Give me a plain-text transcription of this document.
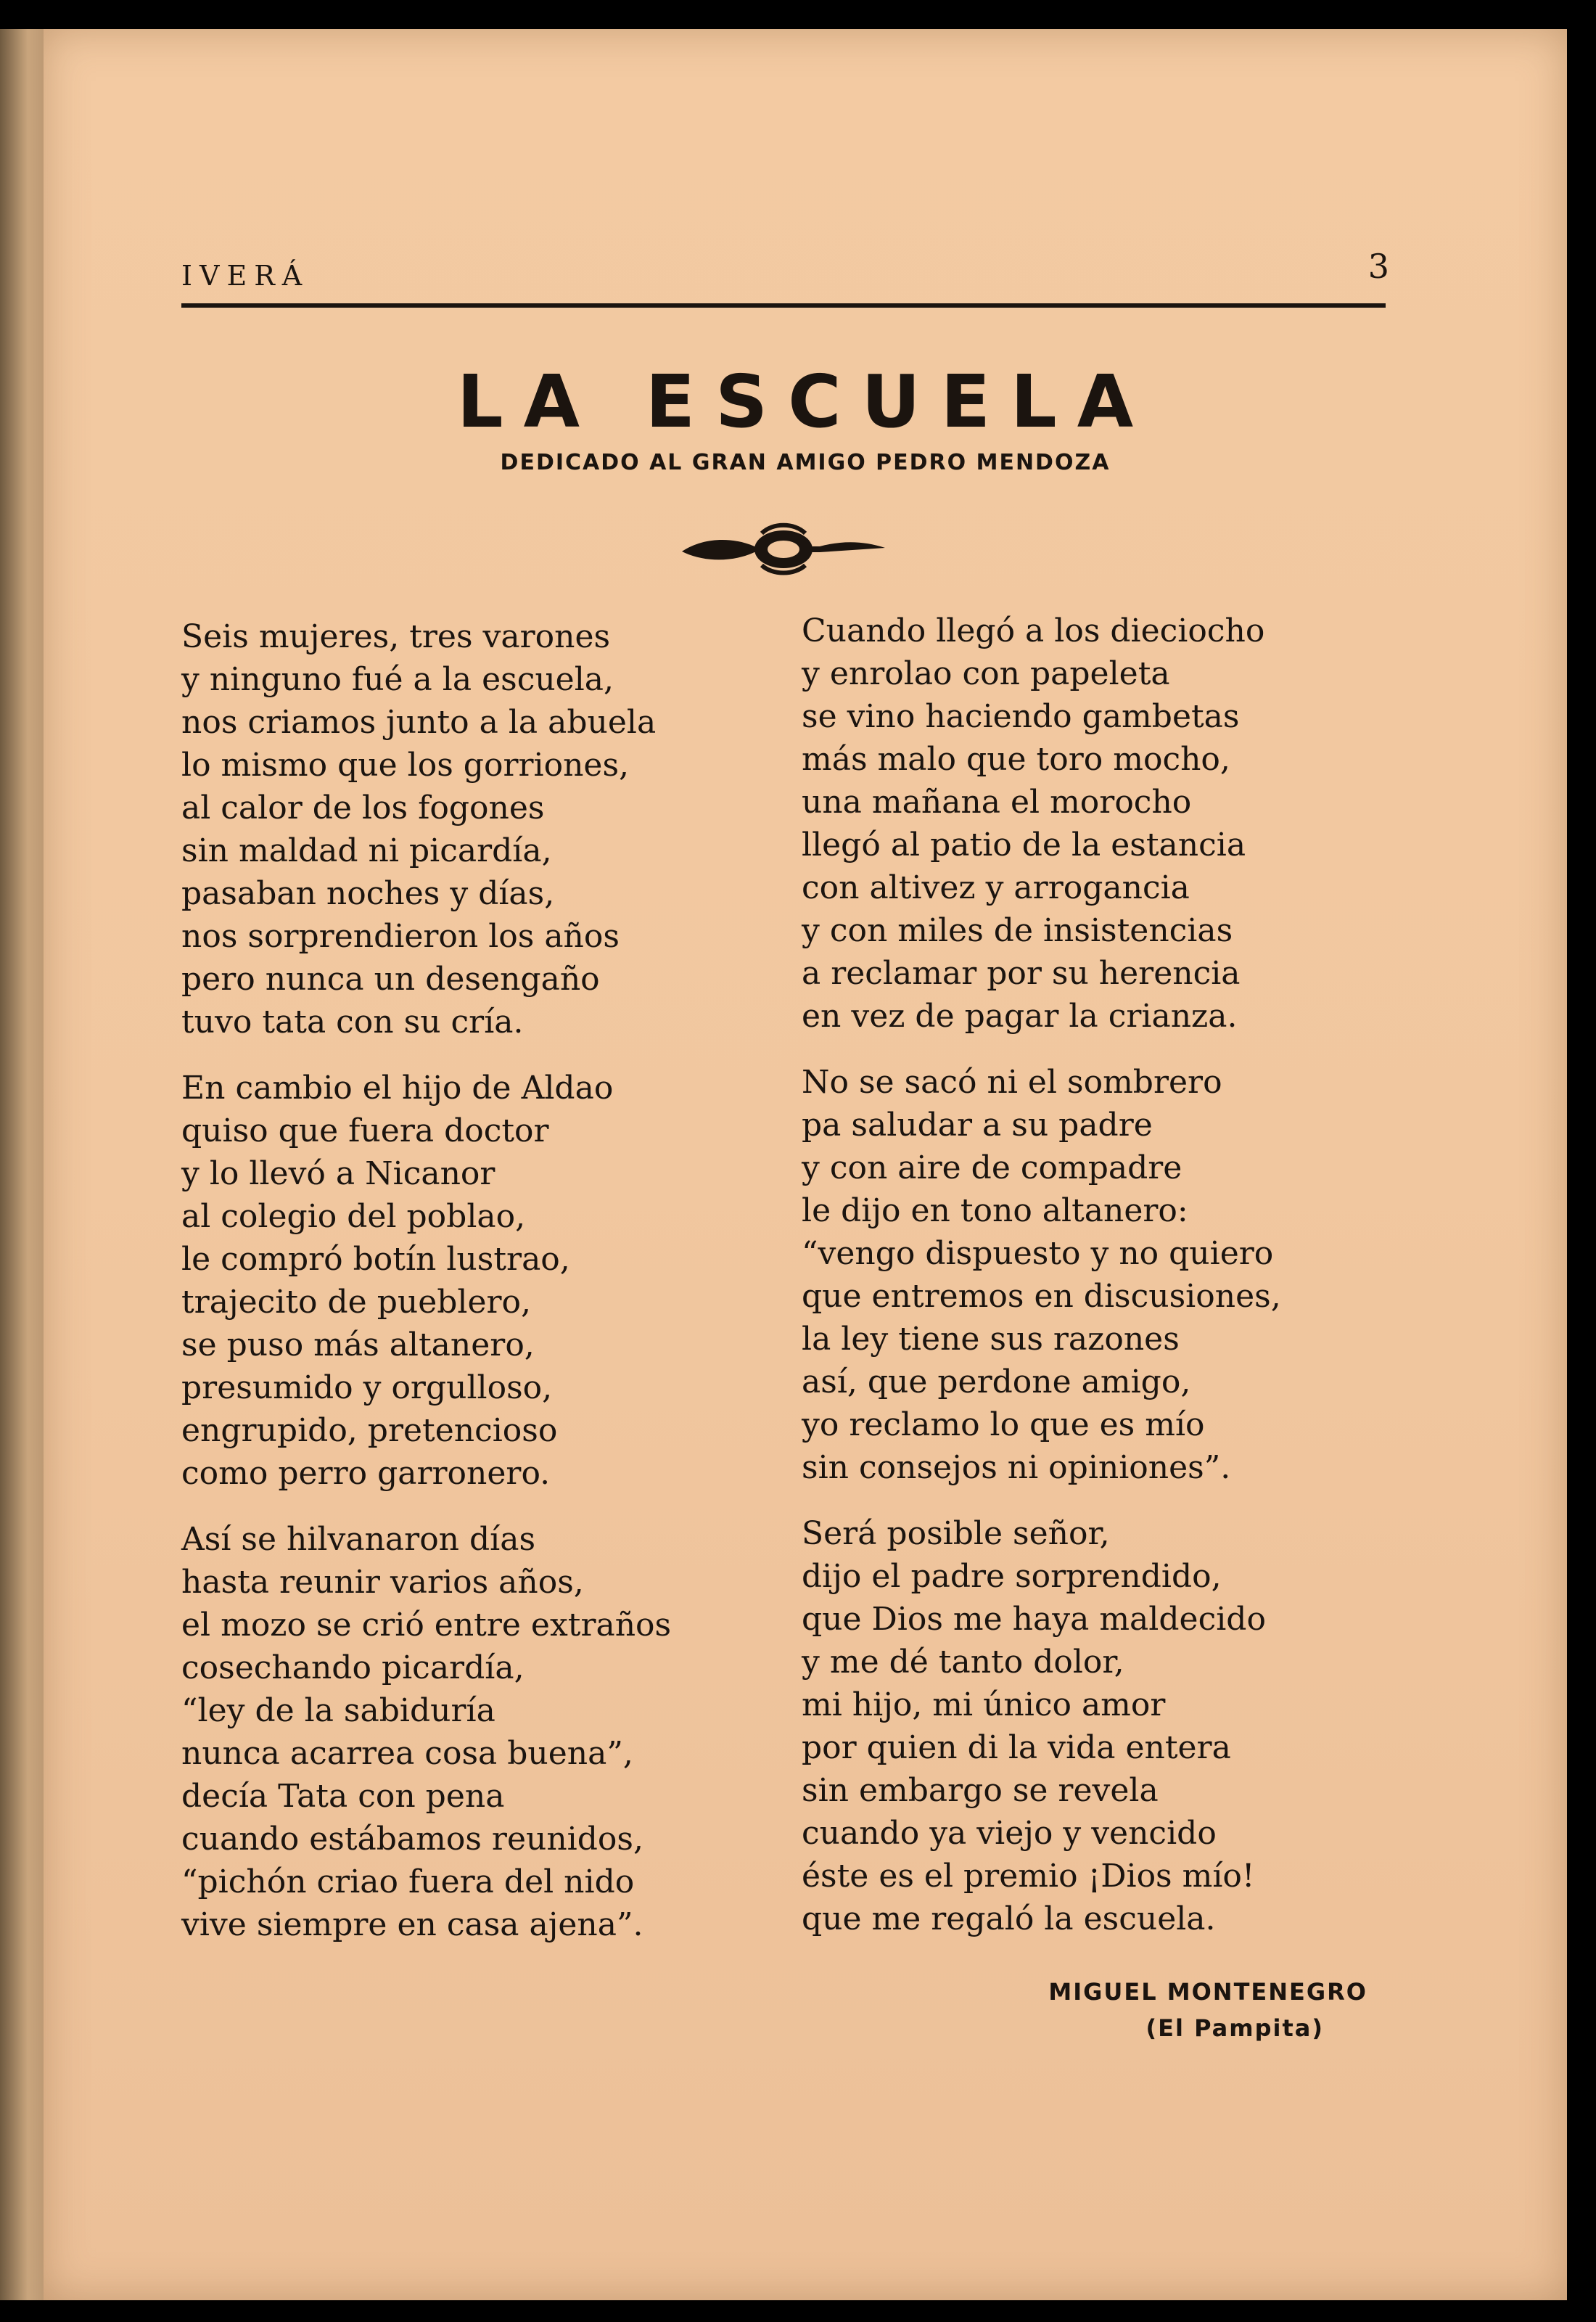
IVERÁ	3
LA ESCUELA
DEDICADO AL GRAN AMIGO PEDRO MENDOZA
Seis mujeres, tres varones
y ninguno fué a la escuela,
nos criamos junto a la abuela
lo mismo que los gorriones,
al calor de los fogones
sin maldad ni picardía,
pasaban noches y días,
nos sorprendieron los años
pero nunca un desengaño
tuvo tata con su cría.
En cambio el hijo de Aldao
quiso que fuera doctor
y lo llevó a Nicanor
al colegio del poblao,
le compró botín lustrao,
trajecito de pueblero,
se puso más altanero,
presumido y orgulloso,
engrupido, pretencioso
como perro garronero.
Así se hilvanaron días
hasta reunir varios años,
el mozo se crió entre extraños
cosechando picardía,
“ley de la sabiduría
nunca acarrea cosa buena”,
decía Tata con pena
cuando estábamos reunidos,
“pichón criao fuera del nido
vive siempre en casa ajena”.
Cuando llegó a los dieciocho
y enrolao con papeleta
se vino haciendo gambetas
más malo que toro mocho,
una mañana el morocho
llegó al patio de la estancia
con altivez y arrogancia
y con miles de insistencias
a reclamar por su herencia
en vez de pagar la crianza.
No se sacó ni el sombrero
pa saludar a su padre
y con aire de compadre
le dijo en tono altanero:
“vengo dispuesto y no quiero
que entremos en discusiones,
la ley tiene sus razones
así, que perdone amigo,
yo reclamo lo que es mío
sin consejos ni opiniones”.
Será posible señor,
dijo el padre sorprendido,
que Dios me haya maldecido
y me dé tanto dolor,
mi hijo, mi único amor
por quien di la vida entera
sin embargo se revela
cuando ya viejo y vencido
éste es el premio ¡Dios mío!
que me regaló la escuela.
MIGUEL MONTENEGRO
(El Pampita)
